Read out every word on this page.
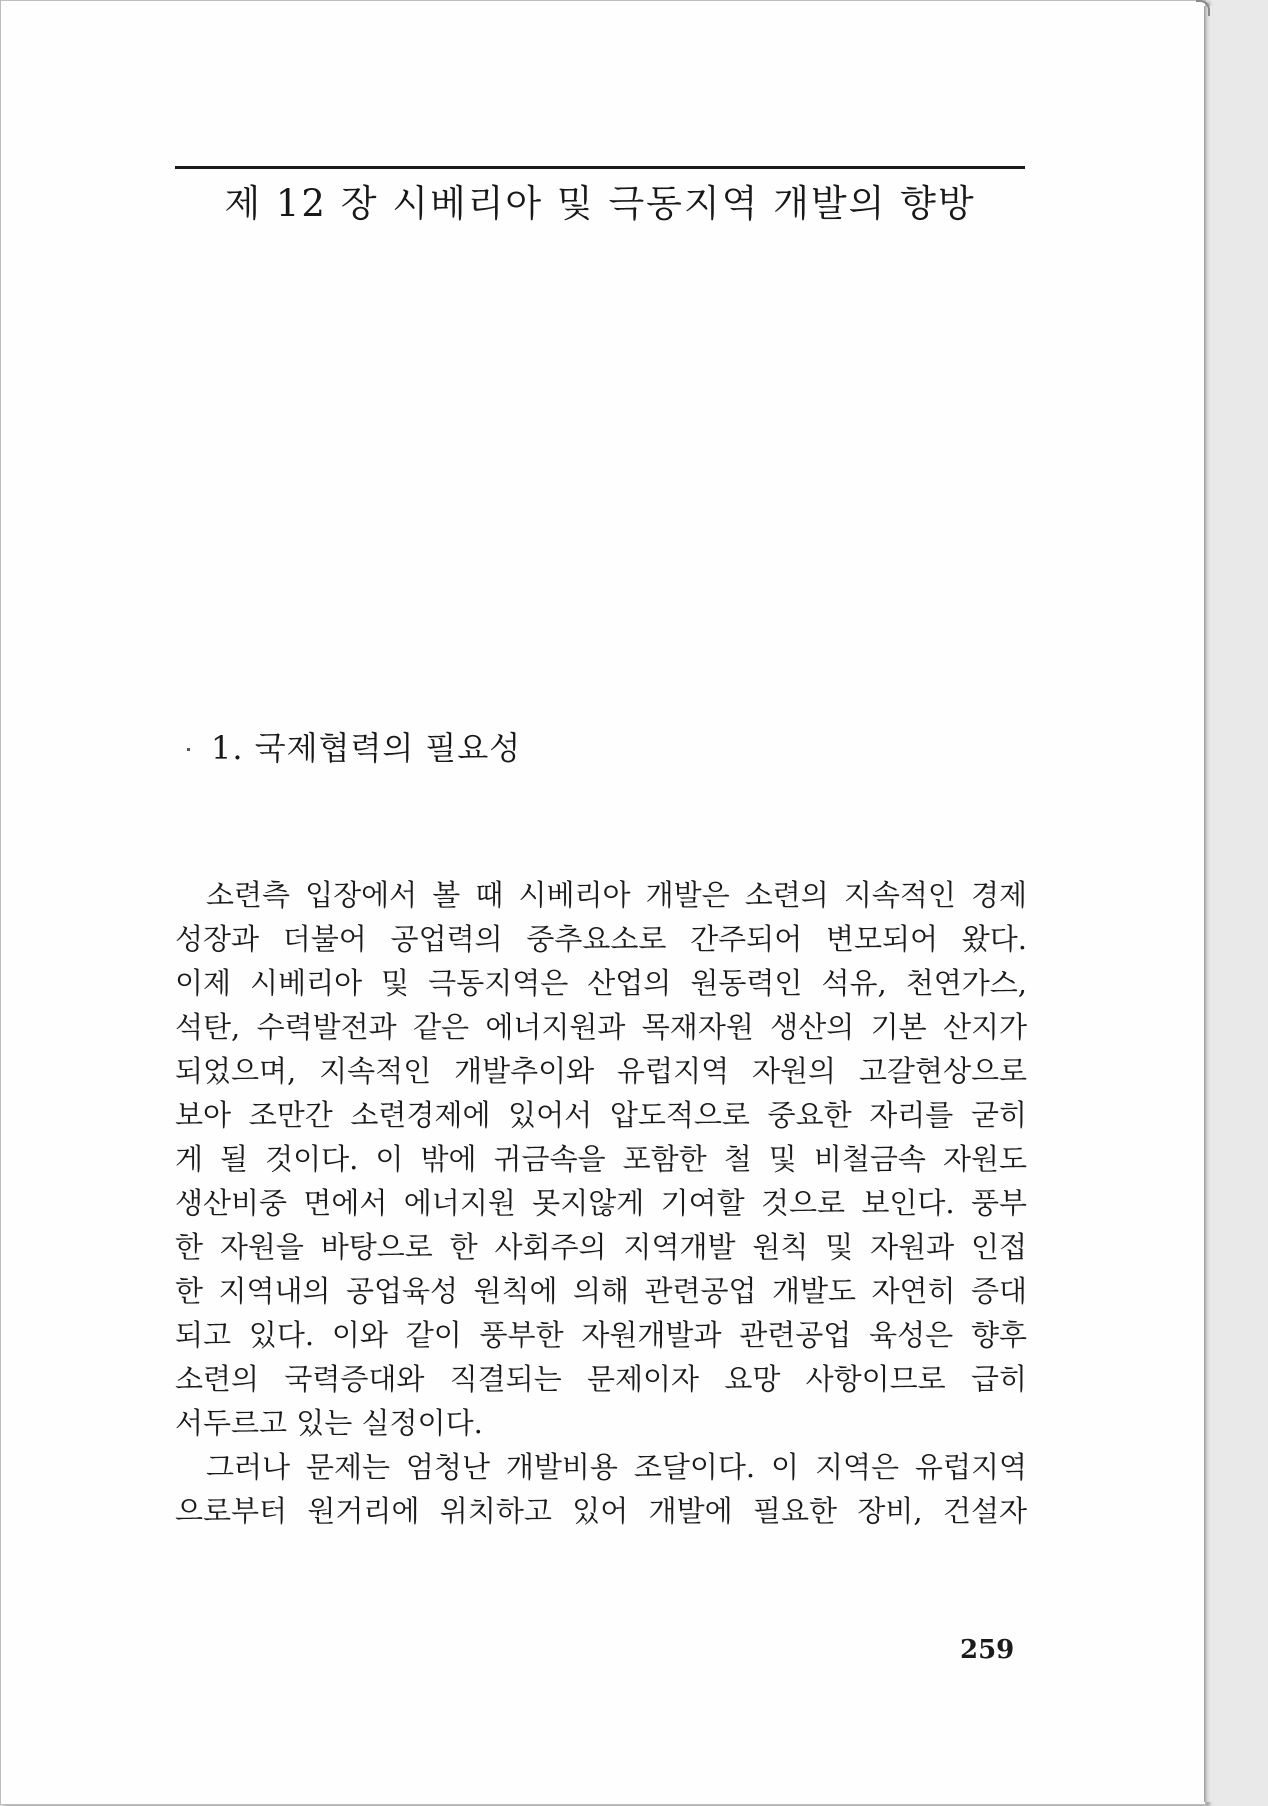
제 12 장 시베리아 및 극동지역 개발의 향방
1. 국제협력의 필요성
소련측 입장에서 볼 때 시베리아 개발은 소련의 지속적인 경제
성장과 더불어 공업력의 중추요소로 간주되어 변모되어 왔다.
이제 시베리아 및 극동지역은 산업의 원동력인 석유, 천연가스,
석탄, 수력발전과 같은 에너지원과 목재자원 생산의 기본 산지가
되었으며, 지속적인 개발추이와 유럽지역 자원의 고갈현상으로
보아 조만간 소련경제에 있어서 압도적으로 중요한 자리를 굳히
게 될 것이다. 이 밖에 귀금속을 포함한 철 및 비철금속 자원도
생산비중 면에서 에너지원 못지않게 기여할 것으로 보인다. 풍부
한 자원을 바탕으로 한 사회주의 지역개발 원칙 및 자원과 인접
한 지역내의 공업육성 원칙에 의해 관련공업 개발도 자연히 증대
되고 있다. 이와 같이 풍부한 자원개발과 관련공업 육성은 향후
소련의 국력증대와 직결되는 문제이자 요망 사항이므로 급히
서두르고 있는 실정이다.
그러나 문제는 엄청난 개발비용 조달이다. 이 지역은 유럽지역
으로부터 원거리에 위치하고 있어 개발에 필요한 장비, 건설자
259
